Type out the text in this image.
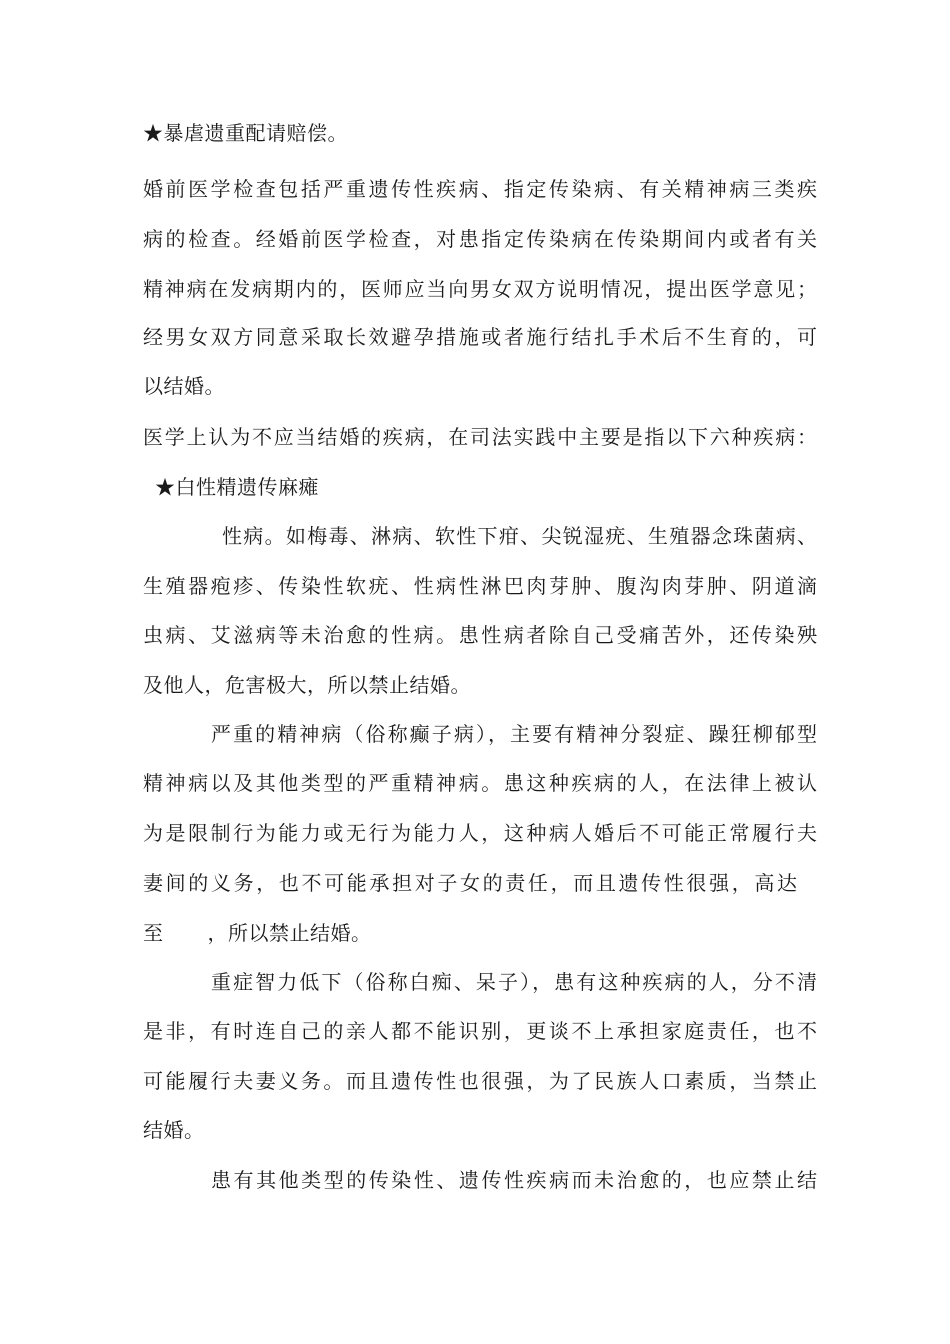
★暴虐遗重配请赔偿。
婚前医学检查包括严重遗传性疾病、指定传染病、有关精神病三类疾
病的检查。经婚前医学检查，对患指定传染病在传染期间内或者有关
精神病在发病期内的，医师应当向男女双方说明情况，提出医学意见；
经男女双方同意采取长效避孕措施或者施行结扎手术后不生育的，可
以结婚。
医学上认为不应当结婚的疾病，在司法实践中主要是指以下六种疾病：
★白性精遗传麻瘫
性病。如梅毒、淋病、软性下疳、尖锐湿疣、生殖器念珠菌病、
生殖器疱疹、传染性软疣、性病性淋巴肉芽肿、腹沟肉芽肿、阴道滴
虫病、艾滋病等未治愈的性病。患性病者除自己受痛苦外，还传染殃
及他人，危害极大，所以禁止结婚。
严重的精神病（俗称癫子病），主要有精神分裂症、躁狂柳郁型
精神病以及其他类型的严重精神病。患这种疾病的人，在法律上被认
为是限制行为能力或无行为能力人，这种病人婚后不可能正常履行夫
妻间的义务，也不可能承担对子女的责任，而且遗传性很强，高达
至 ，所以禁止结婚。
重症智力低下（俗称白痴、呆子），患有这种疾病的人，分不清
是非，有时连自己的亲人都不能识别，更谈不上承担家庭责任，也不
可能履行夫妻义务。而且遗传性也很强，为了民族人口素质，当禁止
结婚。
患有其他类型的传染性、遗传性疾病而未治愈的，也应禁止结
